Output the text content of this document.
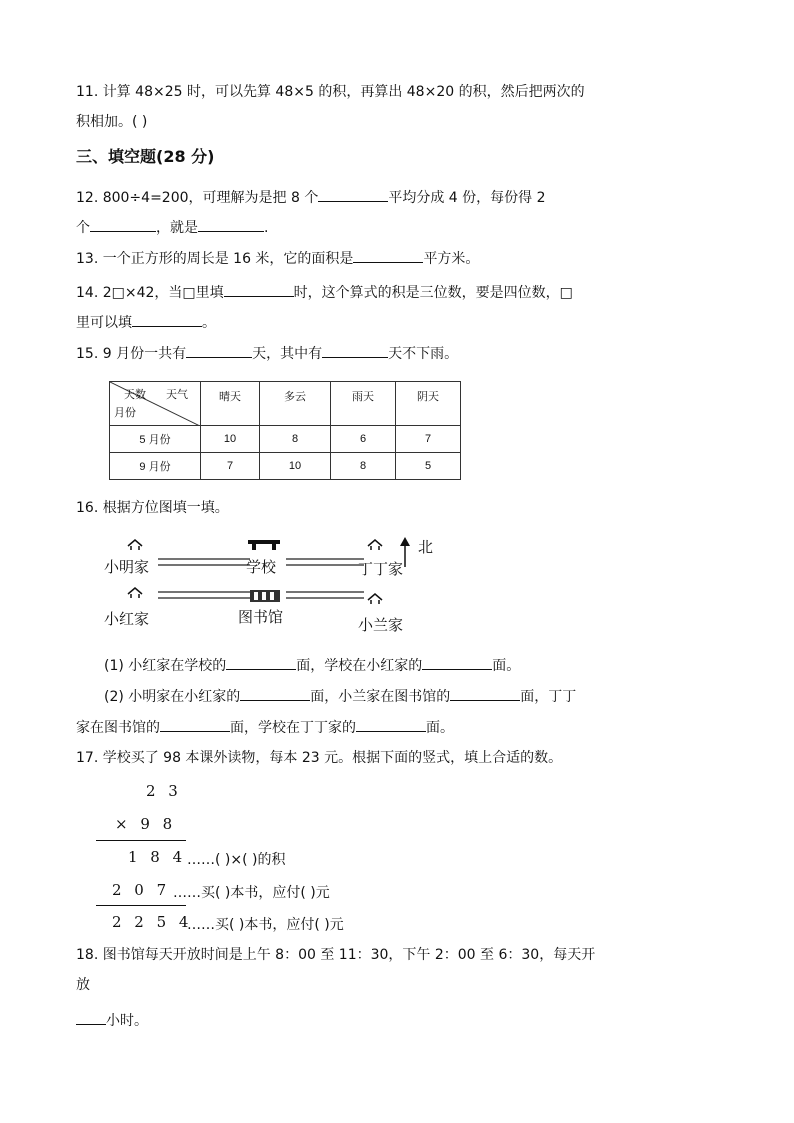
11. 计算 48×25 时，可以先算 48×5 的积，再算出 48×20 的积，然后把两次的
积相加。( )
三、填空题(28 分)
12. 800÷4=200，可理解为是把 8 个	平均分成 4 份，每份得 2
个	，就是	.
13. 一个正方形的周长是 16 米，它的面积是	平方米。
14. 2□×42，当□里填	时，这个算式的积是三位数，要是四位数，□
里可以填	。
15. 9 月份一共有	天，其中有	天不下雨。
天数 天气
月份	晴天	多云	雨天	阴天
5 月份	10	8	6	7
9 月份	7	10	8	5
16. 根据方位图填一填。
小明家	学校	丁丁家
北
小红家	图书馆	小兰家
(1) 小红家在学校的	面，学校在小红家的	面。
(2) 小明家在小红家的	面，小兰家在图书馆的	面，丁丁
家在图书馆的	面，学校在丁丁家的	面。
17. 学校买了 98 本课外读物，每本 23 元。根据下面的竖式，填上合适的数。
2 3
× 9 8
1 8 4 ……( )×( )的积
2 0 7 ……买( )本书，应付( )元
2 2 5 4
……买( )本书，应付( )元
18. 图书馆每天开放时间是上午 8：00 至 11：30，下午 2：00 至 6：30，每天开
放
小时。
